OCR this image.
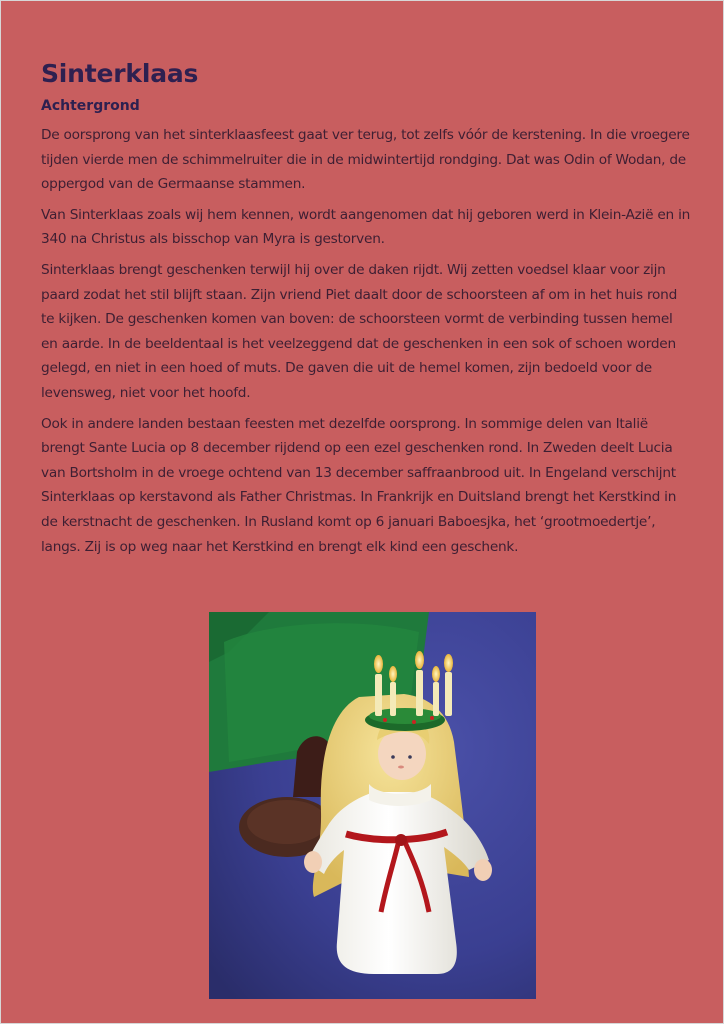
Sinterklaas
Achtergrond

De oorsprong van het sinterklaasfeest gaat ver terug, tot zelfs vóór de kerstening. In die vroegere tijden vierde men de schimmelruiter die in de midwintertijd rondging. Dat was Odin of Wodan, de oppergod van de Germaanse stammen.

Van Sinterklaas zoals wij hem kennen, wordt aangenomen dat hij geboren werd in Klein-Azië en in 340 na Christus als bisschop van Myra is gestorven.

Sinterklaas brengt geschenken terwijl hij over de daken rijdt. Wij zetten voedsel klaar voor zijn paard zodat het stil blijft staan. Zijn vriend Piet daalt door de schoorsteen af om in het huis rond te kijken. De geschenken komen van boven: de schoorsteen vormt de verbinding tussen hemel en aarde. In de beeldentaal is het veelzeggend dat de geschenken in een sok of schoen worden gelegd, en niet in een hoed of muts. De gaven die uit de hemel komen, zijn bedoeld voor de levensweg, niet voor het hoofd.

Ook in andere landen bestaan feesten met dezelfde oorsprong. In sommige delen van Italië brengt Sante Lucia op 8 december rijdend op een ezel geschenken rond. In Zweden deelt Lucia van Bortsholm in de vroege ochtend van 13 december saffraanbrood uit. In Engeland verschijnt Sinterklaas op kerstavond als Father Christmas. In Frankrijk en Duitsland brengt het Kerstkind in de kerstnacht de geschenken. In Rusland komt op 6 januari Baboesjka, het ‘grootmoedertje’, langs. Zij is op weg naar het Kerstkind en brengt elk kind een geschenk.
